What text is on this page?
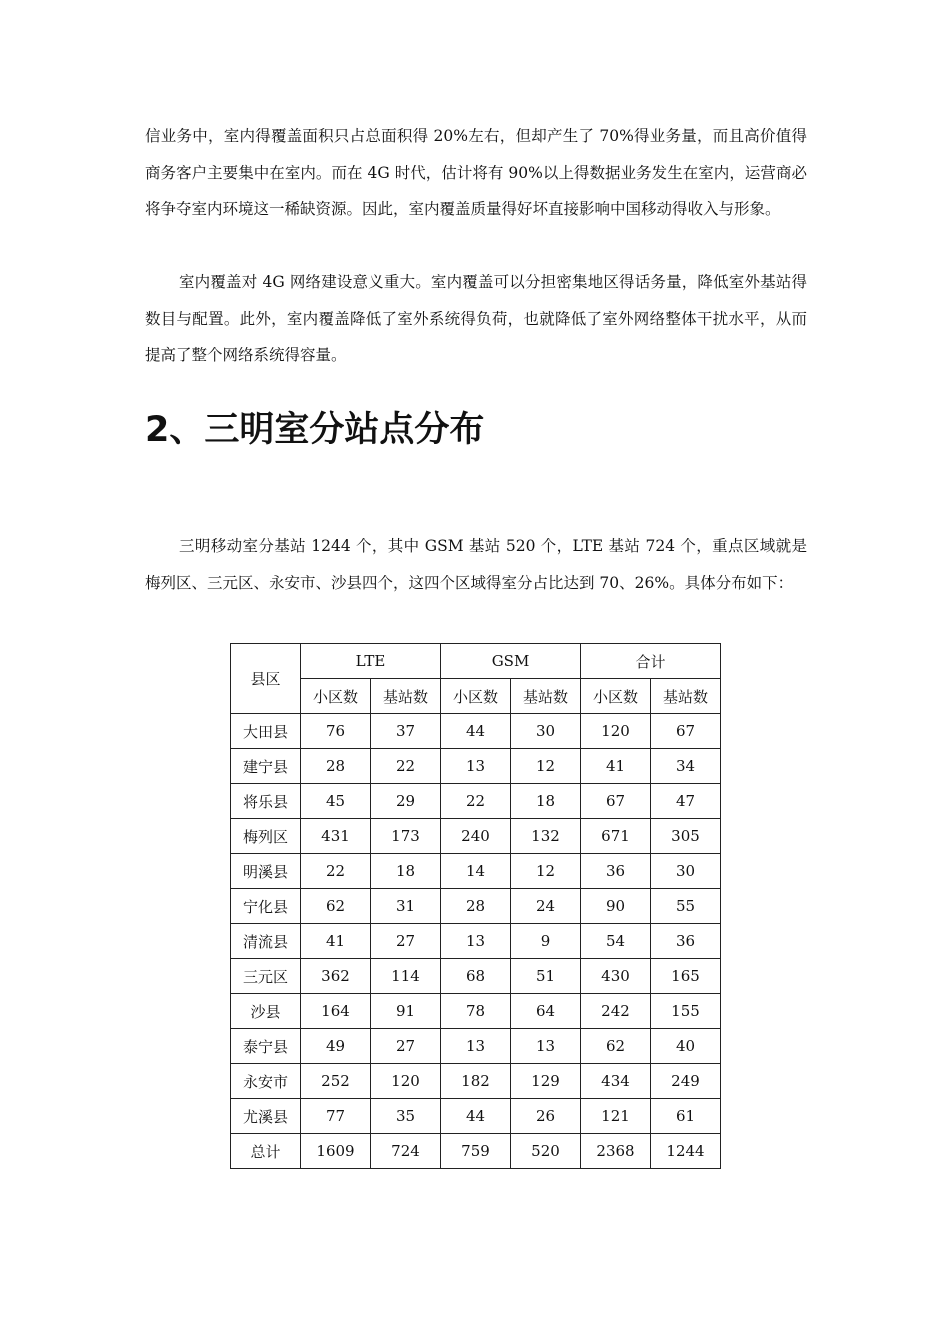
信业务中，室内得覆盖面积只占总面积得 20%左右，但却产生了 70%得业务量，而且高价值得商务客户主要集中在室内。而在 4G 时代，估计将有 90%以上得数据业务发生在室内，运营商必将争夺室内环境这一稀缺资源。因此，室内覆盖质量得好坏直接影响中国移动得收入与形象。

室内覆盖对 4G 网络建设意义重大。室内覆盖可以分担密集地区得话务量，降低室外基站得数目与配置。此外，室内覆盖降低了室外系统得负荷，也就降低了室外网络整体干扰水平，从而提高了整个网络系统得容量。

2、三明室分站点分布

三明移动室分基站 1244 个，其中 GSM 基站 520 个，LTE 基站 724 个，重点区域就是梅列区、三元区、永安市、沙县四个，这四个区域得室分占比达到 70、26%。具体分布如下：

县区	LTE		GSM		合计	
	小区数	基站数	小区数	基站数	小区数	基站数
大田县	76	37	44	30	120	67
建宁县	28	22	13	12	41	34
将乐县	45	29	22	18	67	47
梅列区	431	173	240	132	671	305
明溪县	22	18	14	12	36	30
宁化县	62	31	28	24	90	55
清流县	41	27	13	9	54	36
三元区	362	114	68	51	430	165
沙县	164	91	78	64	242	155
泰宁县	49	27	13	13	62	40
永安市	252	120	182	129	434	249
尤溪县	77	35	44	26	121	61
总计	1609	724	759	520	2368	1244
